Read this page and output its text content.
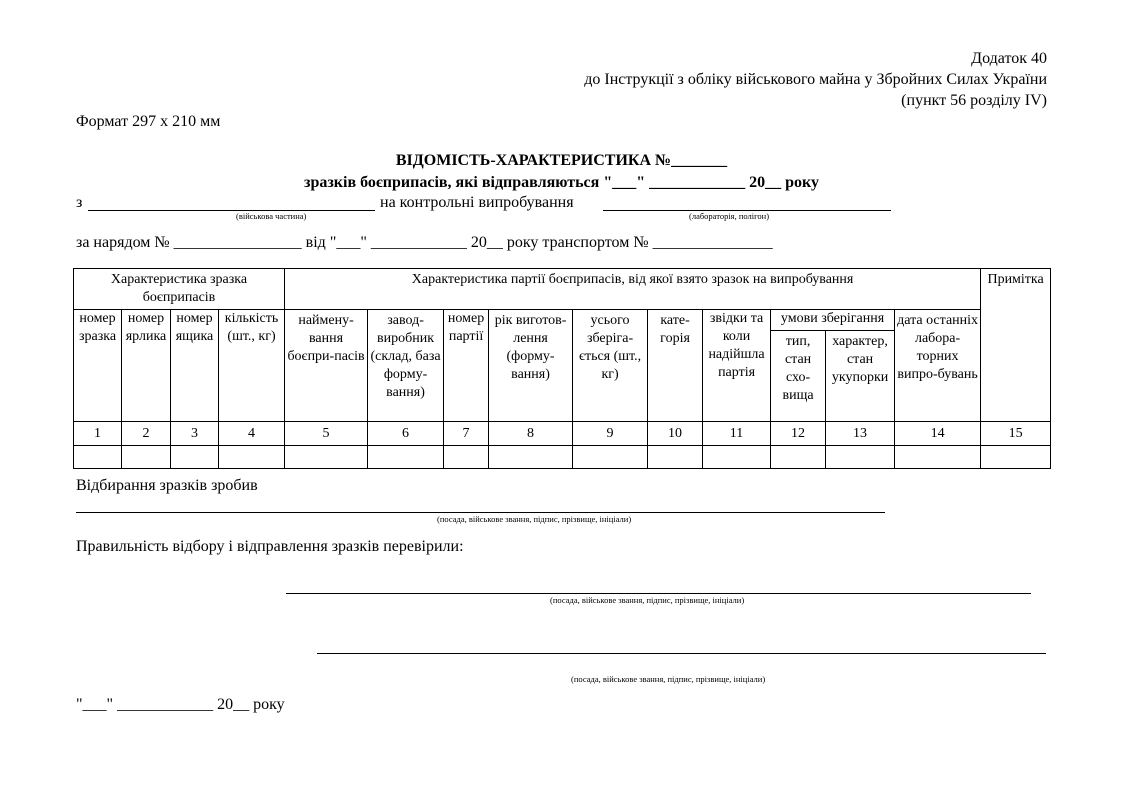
Додаток 40
до Інструкції з обліку військового майна у Збройних Силах України
(пункт 56 розділу IV)
Формат 297 х 210 мм
ВІДОМІСТЬ-ХАРАКТЕРИСТИКА №_______
зразків боєприпасів, які відправляються "___" ____________ 20__ року
з	на контрольні випробування
(військова частина)	(лабораторія, полігон)
за нарядом № ________________ від "___" ____________ 20__ року транспортом № _______________
Характеристика зразка боєприпасів				Характеристика партії боєприпасів, від якої взято зразок на випробування										Примітка
номер зразка	номер ярлика	номер ящика	кількість (шт., кг)	наймену-вання боєпри-пасів	завод-виробник (склад, база форму-вання)	номер партії	рік виготов-лення (форму-вання)	усього зберіга-ється (шт., кг)	кате-горія	звідки та коли надійшла партія	умови зберігання		дата останніх лабора-торних випро-бувань	
											тип, стан схо-вища	характер, стан укупорки		
1	2	3	4	5	6	7	8	9	10	11	12	13	14	15

Відбирання зразків зробив
(посада, військове звання, підпис, прізвище, ініціали)
Правильність відбору і відправлення зразків перевірили:
(посада, військове звання, підпис, прізвище, ініціали)
(посада, військове звання, підпис, прізвище, ініціали)
"___" ____________ 20__ року
